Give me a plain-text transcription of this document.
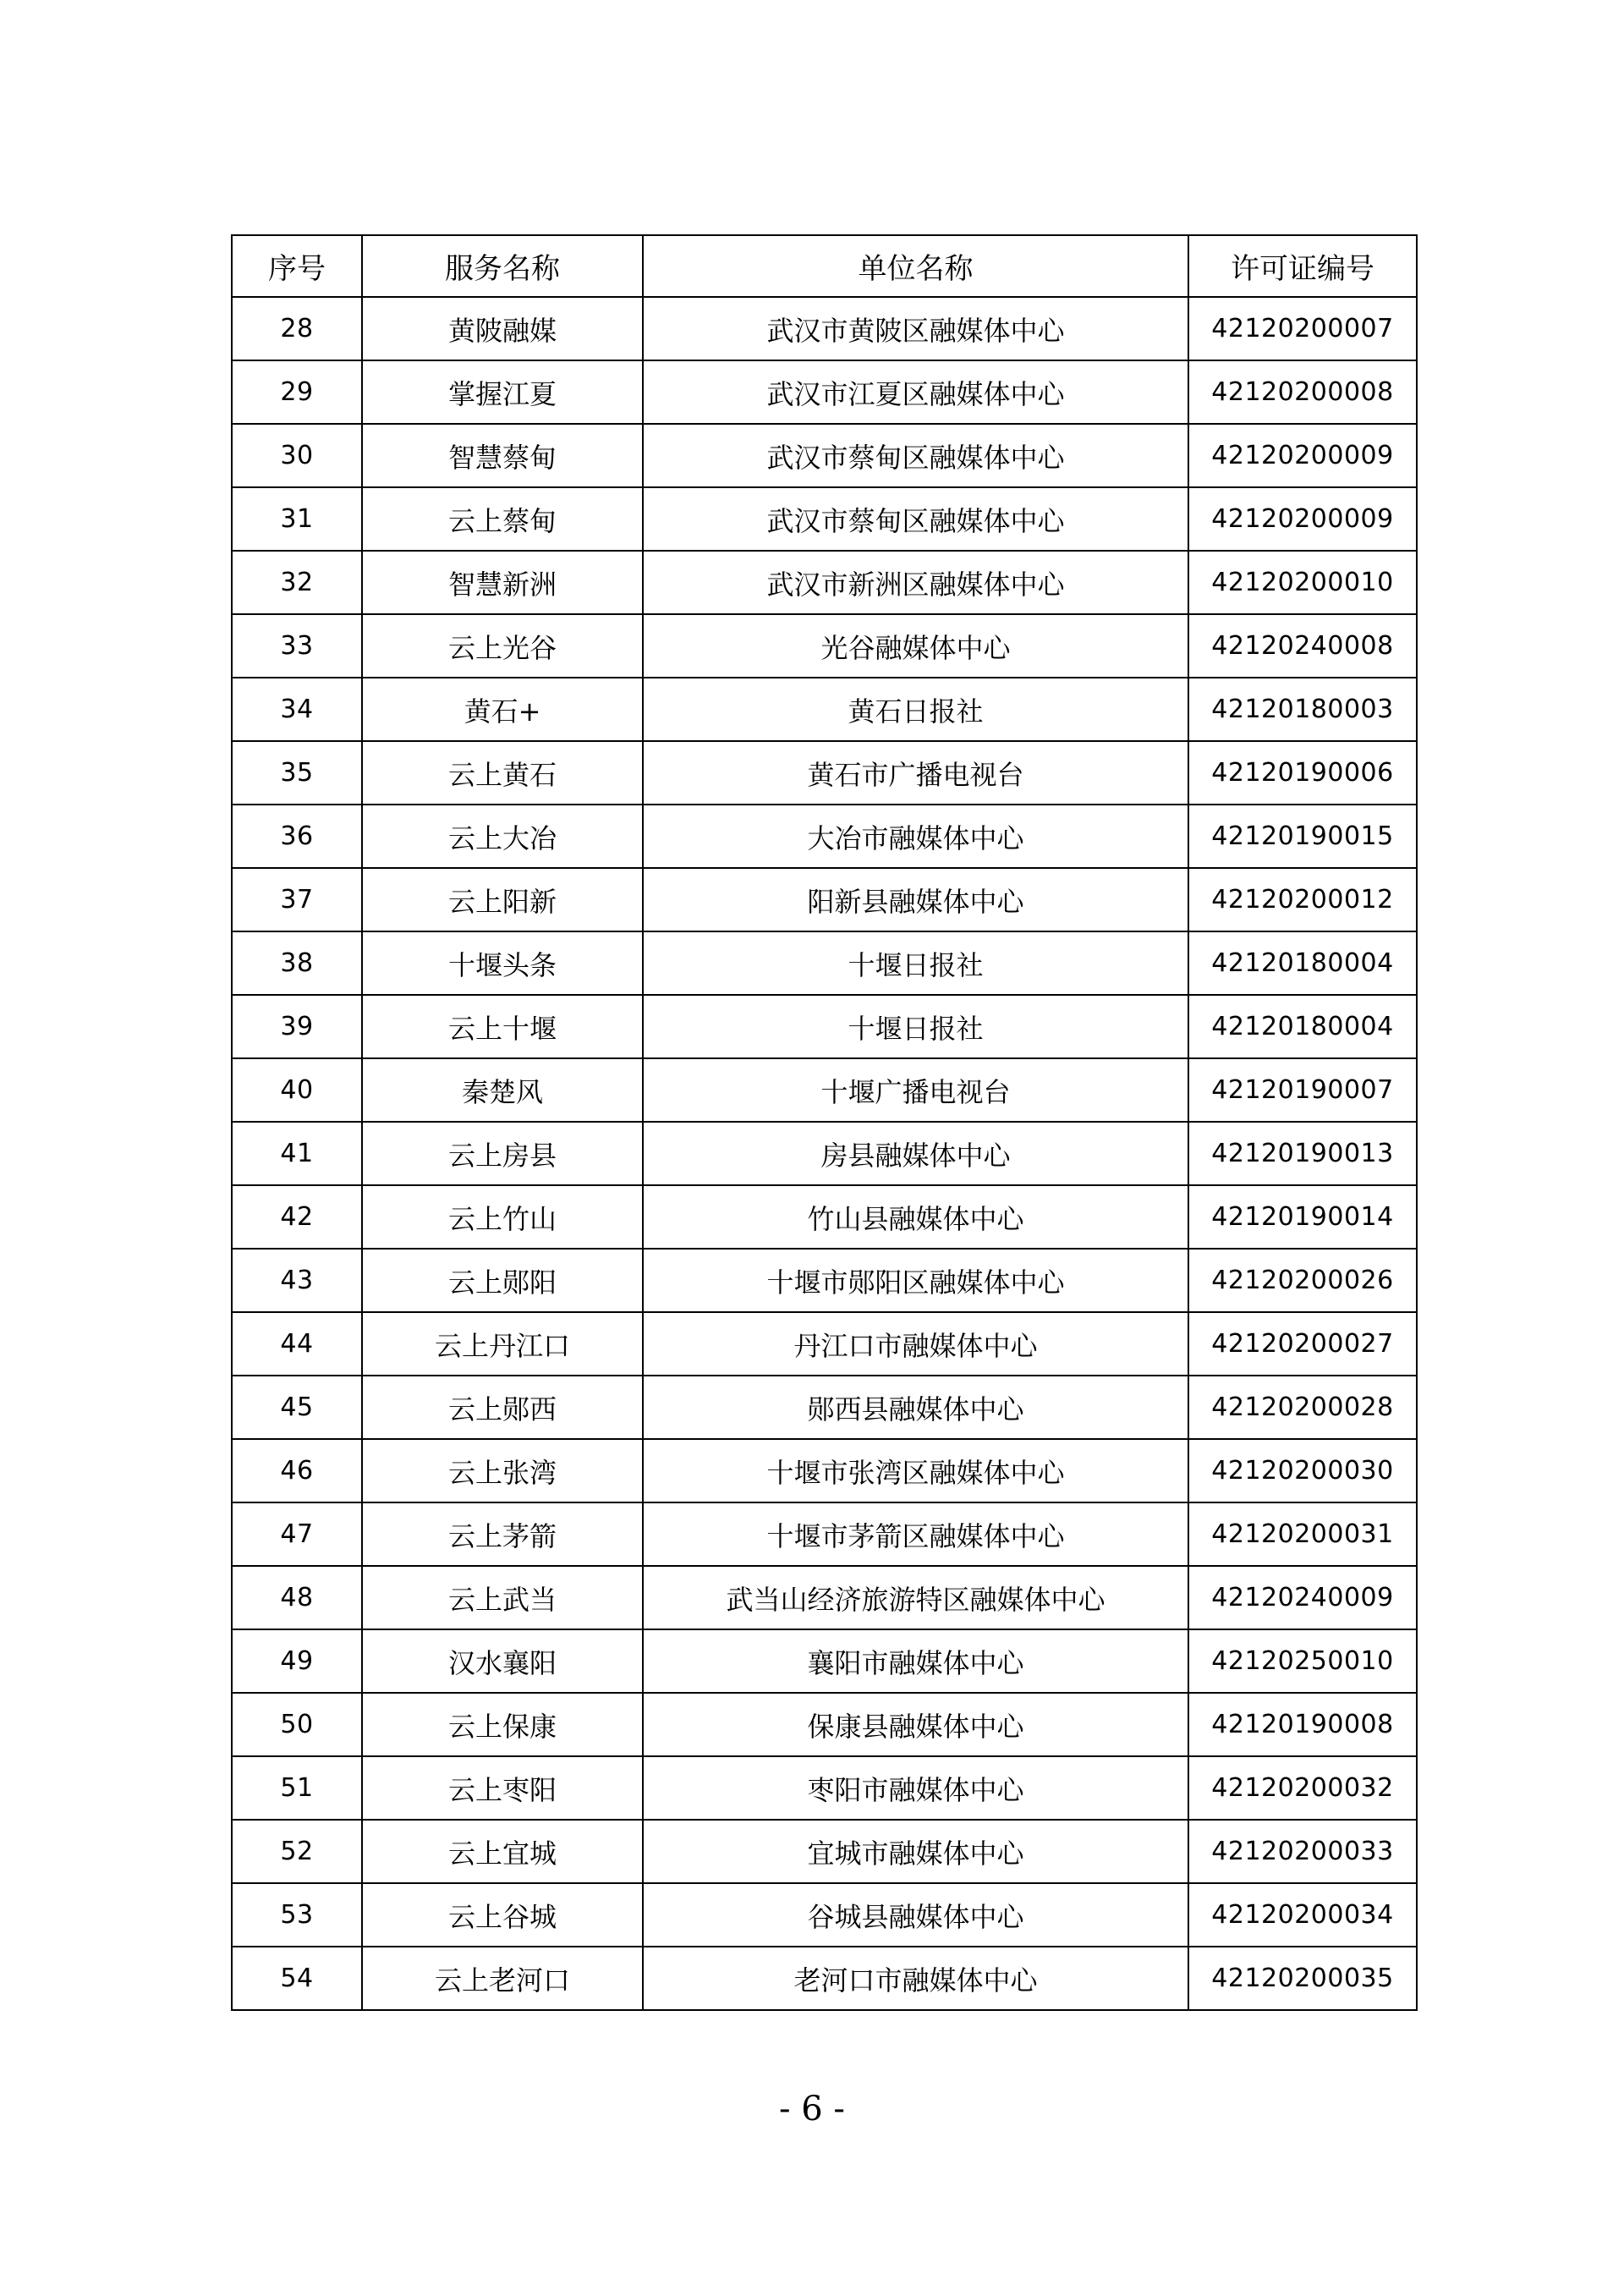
序号	服务名称	单位名称	许可证编号
28	黄陂融媒	武汉市黄陂区融媒体中心	42120200007
29	掌握江夏	武汉市江夏区融媒体中心	42120200008
30	智慧蔡甸	武汉市蔡甸区融媒体中心	42120200009
31	云上蔡甸	武汉市蔡甸区融媒体中心	42120200009
32	智慧新洲	武汉市新洲区融媒体中心	42120200010
33	云上光谷	光谷融媒体中心	42120240008
34	黄石+	黄石日报社	42120180003
35	云上黄石	黄石市广播电视台	42120190006
36	云上大冶	大冶市融媒体中心	42120190015
37	云上阳新	阳新县融媒体中心	42120200012
38	十堰头条	十堰日报社	42120180004
39	云上十堰	十堰日报社	42120180004
40	秦楚风	十堰广播电视台	42120190007
41	云上房县	房县融媒体中心	42120190013
42	云上竹山	竹山县融媒体中心	42120190014
43	云上郧阳	十堰市郧阳区融媒体中心	42120200026
44	云上丹江口	丹江口市融媒体中心	42120200027
45	云上郧西	郧西县融媒体中心	42120200028
46	云上张湾	十堰市张湾区融媒体中心	42120200030
47	云上茅箭	十堰市茅箭区融媒体中心	42120200031
48	云上武当	武当山经济旅游特区融媒体中心	42120240009
49	汉水襄阳	襄阳市融媒体中心	42120250010
50	云上保康	保康县融媒体中心	42120190008
51	云上枣阳	枣阳市融媒体中心	42120200032
52	云上宜城	宜城市融媒体中心	42120200033
53	云上谷城	谷城县融媒体中心	42120200034
54	云上老河口	老河口市融媒体中心	42120200035
- 6 -
